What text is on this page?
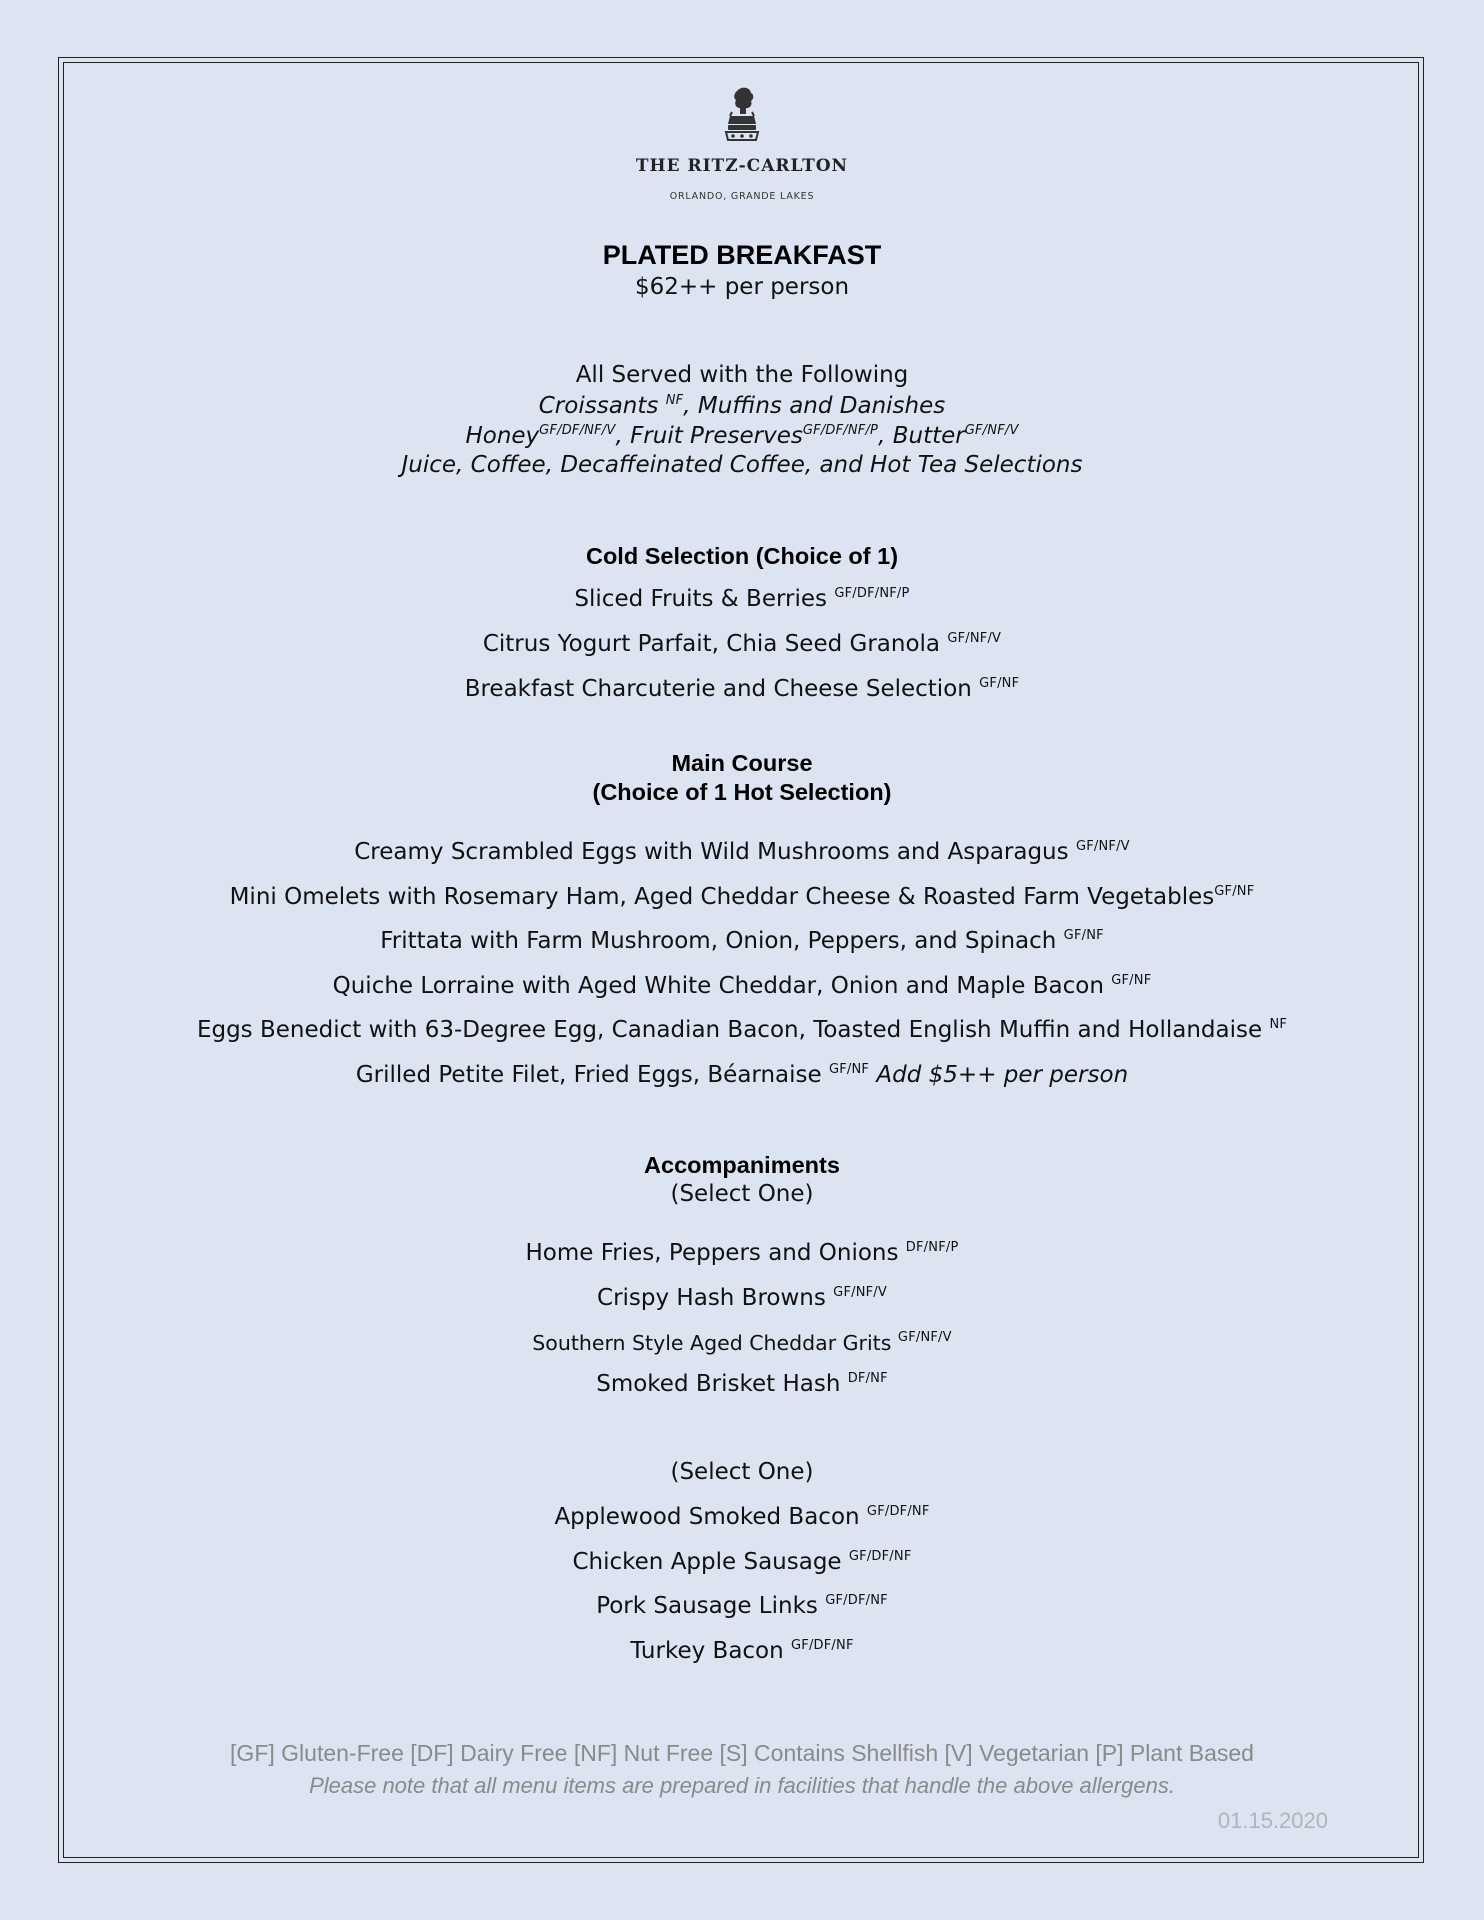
THE RITZ-CARLTON
ORLANDO, GRANDE LAKES
PLATED BREAKFAST
$62++ per person
All Served with the Following
Croissants $^{NF}$, Muffins and Danishes
Honey$^{GF/DF/NF/V}$, Fruit Preserves$^{GF/DF/NF/P}$, Butter$^{GF/NF/V}$
Juice, Coffee, Decaffeinated Coffee, and Hot Tea Selections
Cold Selection (Choice of 1)
Sliced Fruits & Berries $^{GF/DF/NF/P}$
Citrus Yogurt Parfait, Chia Seed Granola $^{GF/NF/V}$
Breakfast Charcuterie and Cheese Selection $^{GF/NF}$
Main Course
(Choice of 1 Hot Selection)
Creamy Scrambled Eggs with Wild Mushrooms and Asparagus $^{GF/NF/V}$
Mini Omelets with Rosemary Ham, Aged Cheddar Cheese & Roasted Farm Vegetables$^{GF/NF}$
Frittata with Farm Mushroom, Onion, Peppers, and Spinach $^{GF/NF}$
Quiche Lorraine with Aged White Cheddar, Onion and Maple Bacon $^{GF/NF}$
Eggs Benedict with 63-Degree Egg, Canadian Bacon, Toasted English Muffin and Hollandaise $^{NF}$
Grilled Petite Filet, Fried Eggs, Béarnaise $^{GF/NF}$ Add $5++ per person
Accompaniments
(Select One)
Home Fries, Peppers and Onions $^{DF/NF/P}$
Crispy Hash Browns $^{GF/NF/V}$
Southern Style Aged Cheddar Grits $^{GF/NF/V}$
Smoked Brisket Hash $^{DF/NF}$
(Select One)
Applewood Smoked Bacon $^{GF/DF/NF}$
Chicken Apple Sausage $^{GF/DF/NF}$
Pork Sausage Links $^{GF/DF/NF}$
Turkey Bacon $^{GF/DF/NF}$
[GF] Gluten-Free [DF] Dairy Free [NF] Nut Free [S] Contains Shellfish [V] Vegetarian [P] Plant Based
Please note that all menu items are prepared in facilities that handle the above allergens.
01.15.2020
